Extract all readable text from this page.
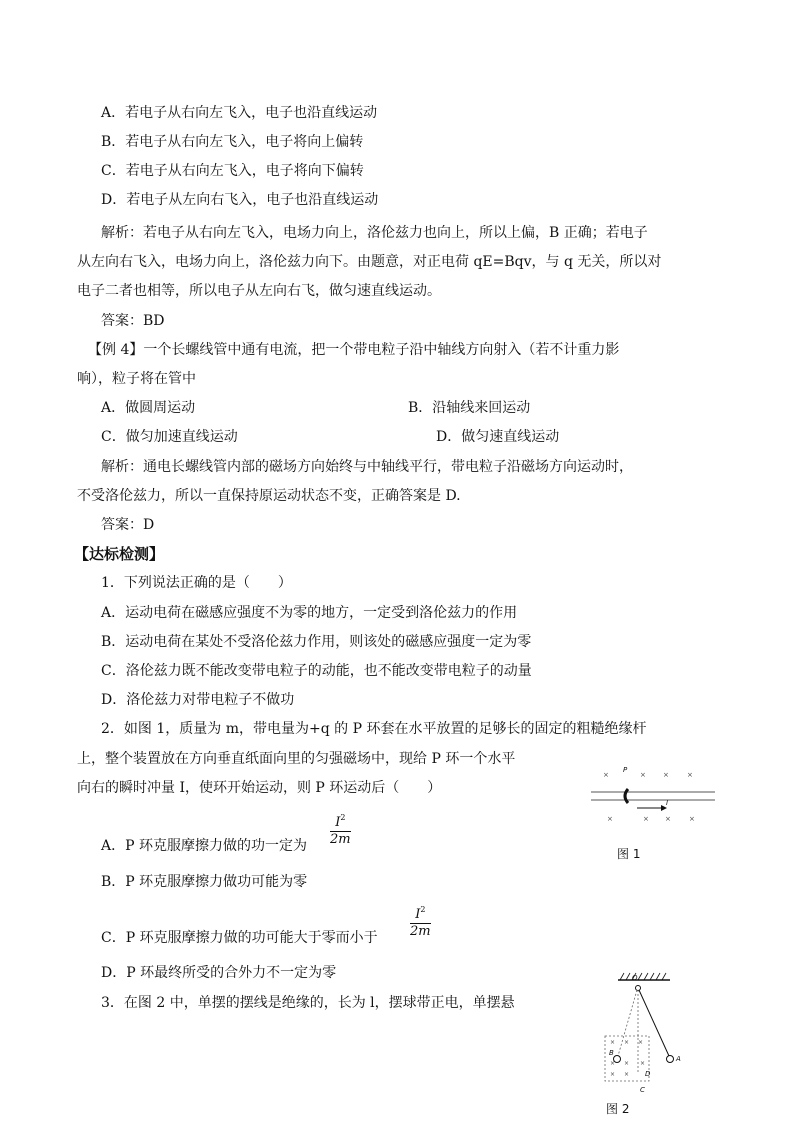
A．若电子从右向左飞入，电子也沿直线运动
B．若电子从右向左飞入，电子将向上偏转
C．若电子从右向左飞入，电子将向下偏转
D．若电子从左向右飞入，电子也沿直线运动
解析：若电子从右向左飞入，电场力向上，洛伦兹力也向上，所以上偏，B 正确；若电子
从左向右飞入，电场力向上，洛伦兹力向下。由题意，对正电荷 qE=Bqv，与 q 无关，所以对
电子二者也相等，所以电子从左向右飞，做匀速直线运动。
答案：BD
【例 4】一个长螺线管中通有电流，把一个带电粒子沿中轴线方向射入（若不计重力影
响），粒子将在管中
A．做圆周运动	B．沿轴线来回运动
C．做匀加速直线运动	D．做匀速直线运动
解析：通电长螺线管内部的磁场方向始终与中轴线平行，带电粒子沿磁场方向运动时，
不受洛伦兹力，所以一直保持原运动状态不变，正确答案是 D.
答案：D
【达标检测】
1．下列说法正确的是（　　）
A．运动电荷在磁感应强度不为零的地方，一定受到洛伦兹力的作用
B．运动电荷在某处不受洛伦兹力作用，则该处的磁感应强度一定为零
C．洛伦兹力既不能改变带电粒子的动能，也不能改变带电粒子的动量
D．洛伦兹力对带电粒子不做功
2．如图 1，质量为 m，带电量为+q 的 P 环套在水平放置的足够长的固定的粗糙绝缘杆
上，整个装置放在方向垂直纸面向里的匀强磁场中，现给 P 环一个水平
向右的瞬时冲量 I，使环开始运动，则 P 环运动后（　　）
A．P 环克服摩擦力做的功一定为 $\frac{I^2}{2m}$
B．P 环克服摩擦力做功可能为零
C．P 环克服摩擦力做的功可能大于零而小于 $\frac{I^2}{2m}$
D．P 环最终所受的合外力不一定为零
3．在图 2 中，单摆的摆线是绝缘的，长为 l，摆球带正电，单摆悬
×	× ×	×
×	× ×	×
P
I
图 1
× × ×
× × ×
× ×
O
A
B
C
D
图 2
